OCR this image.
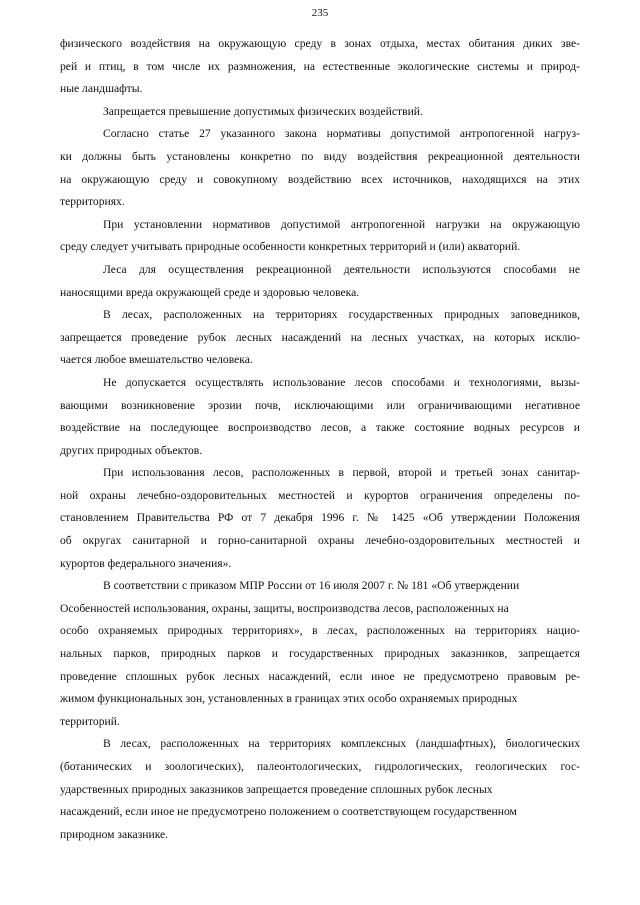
235
физического воздействия на окружающую среду в зонах отдыха, местах обитания диких зве-
рей и птиц, в том числе их размножения, на естественные экологические системы и природ-
ные ландшафты.
Запрещается превышение допустимых физических воздействий.
Согласно статье 27 указанного закона нормативы допустимой антропогенной нагруз-
ки должны быть установлены конкретно по виду воздействия рекреационной деятельности
на окружающую среду и совокупному воздействию всех источников, находящихся на этих
территориях.
При установлении нормативов допустимой антропогенной нагрузки на окружающую
среду следует учитывать природные особенности конкретных территорий и (или) акваторий.
Леса для осуществления рекреационной деятельности используются способами не
наносящими вреда окружающей среде и здоровью человека.
В лесах, расположенных на территориях государственных природных заповедников,
запрещается проведение рубок лесных насаждений на лесных участках, на которых исклю-
чается любое вмешательство человека.
Не допускается осуществлять использование лесов способами и технологиями, вызы-
вающими возникновение эрозии почв, исключающими или ограничивающими негативное
воздействие на последующее воспроизводство лесов, а также состояние водных ресурсов и
других природных объектов.
При использования лесов, расположенных в первой, второй и третьей зонах санитар-
ной охраны лечебно-оздоровительных местностей и курортов ограничения определены по-
становлением Правительства РФ от 7 декабря 1996 г. № 1425 «Об утверждении Положения
об округах санитарной и горно-санитарной охраны лечебно-оздоровительных местностей и
курортов федерального значения».
В соответствии с приказом МПР России от 16 июля 2007 г. № 181 «Об утверждении
Особенностей использования, охраны, защиты, воспроизводства лесов, расположенных на
особо охраняемых природных территориях», в лесах, расположенных на территориях нацио-
нальных парков, природных парков и государственных природных заказников, запрещается
проведение сплошных рубок лесных насаждений, если иное не предусмотрено правовым ре-
жимом функциональных зон, установленных в границах этих особо охраняемых природных
территорий.
В лесах, расположенных на территориях комплексных (ландшафтных), биологических
(ботанических и зоологических), палеонтологических, гидрологических, геологических гос-
ударственных природных заказников запрещается проведение сплошных рубок лесных
насаждений, если иное не предусмотрено положением о соответствующем государственном
природном заказнике.
